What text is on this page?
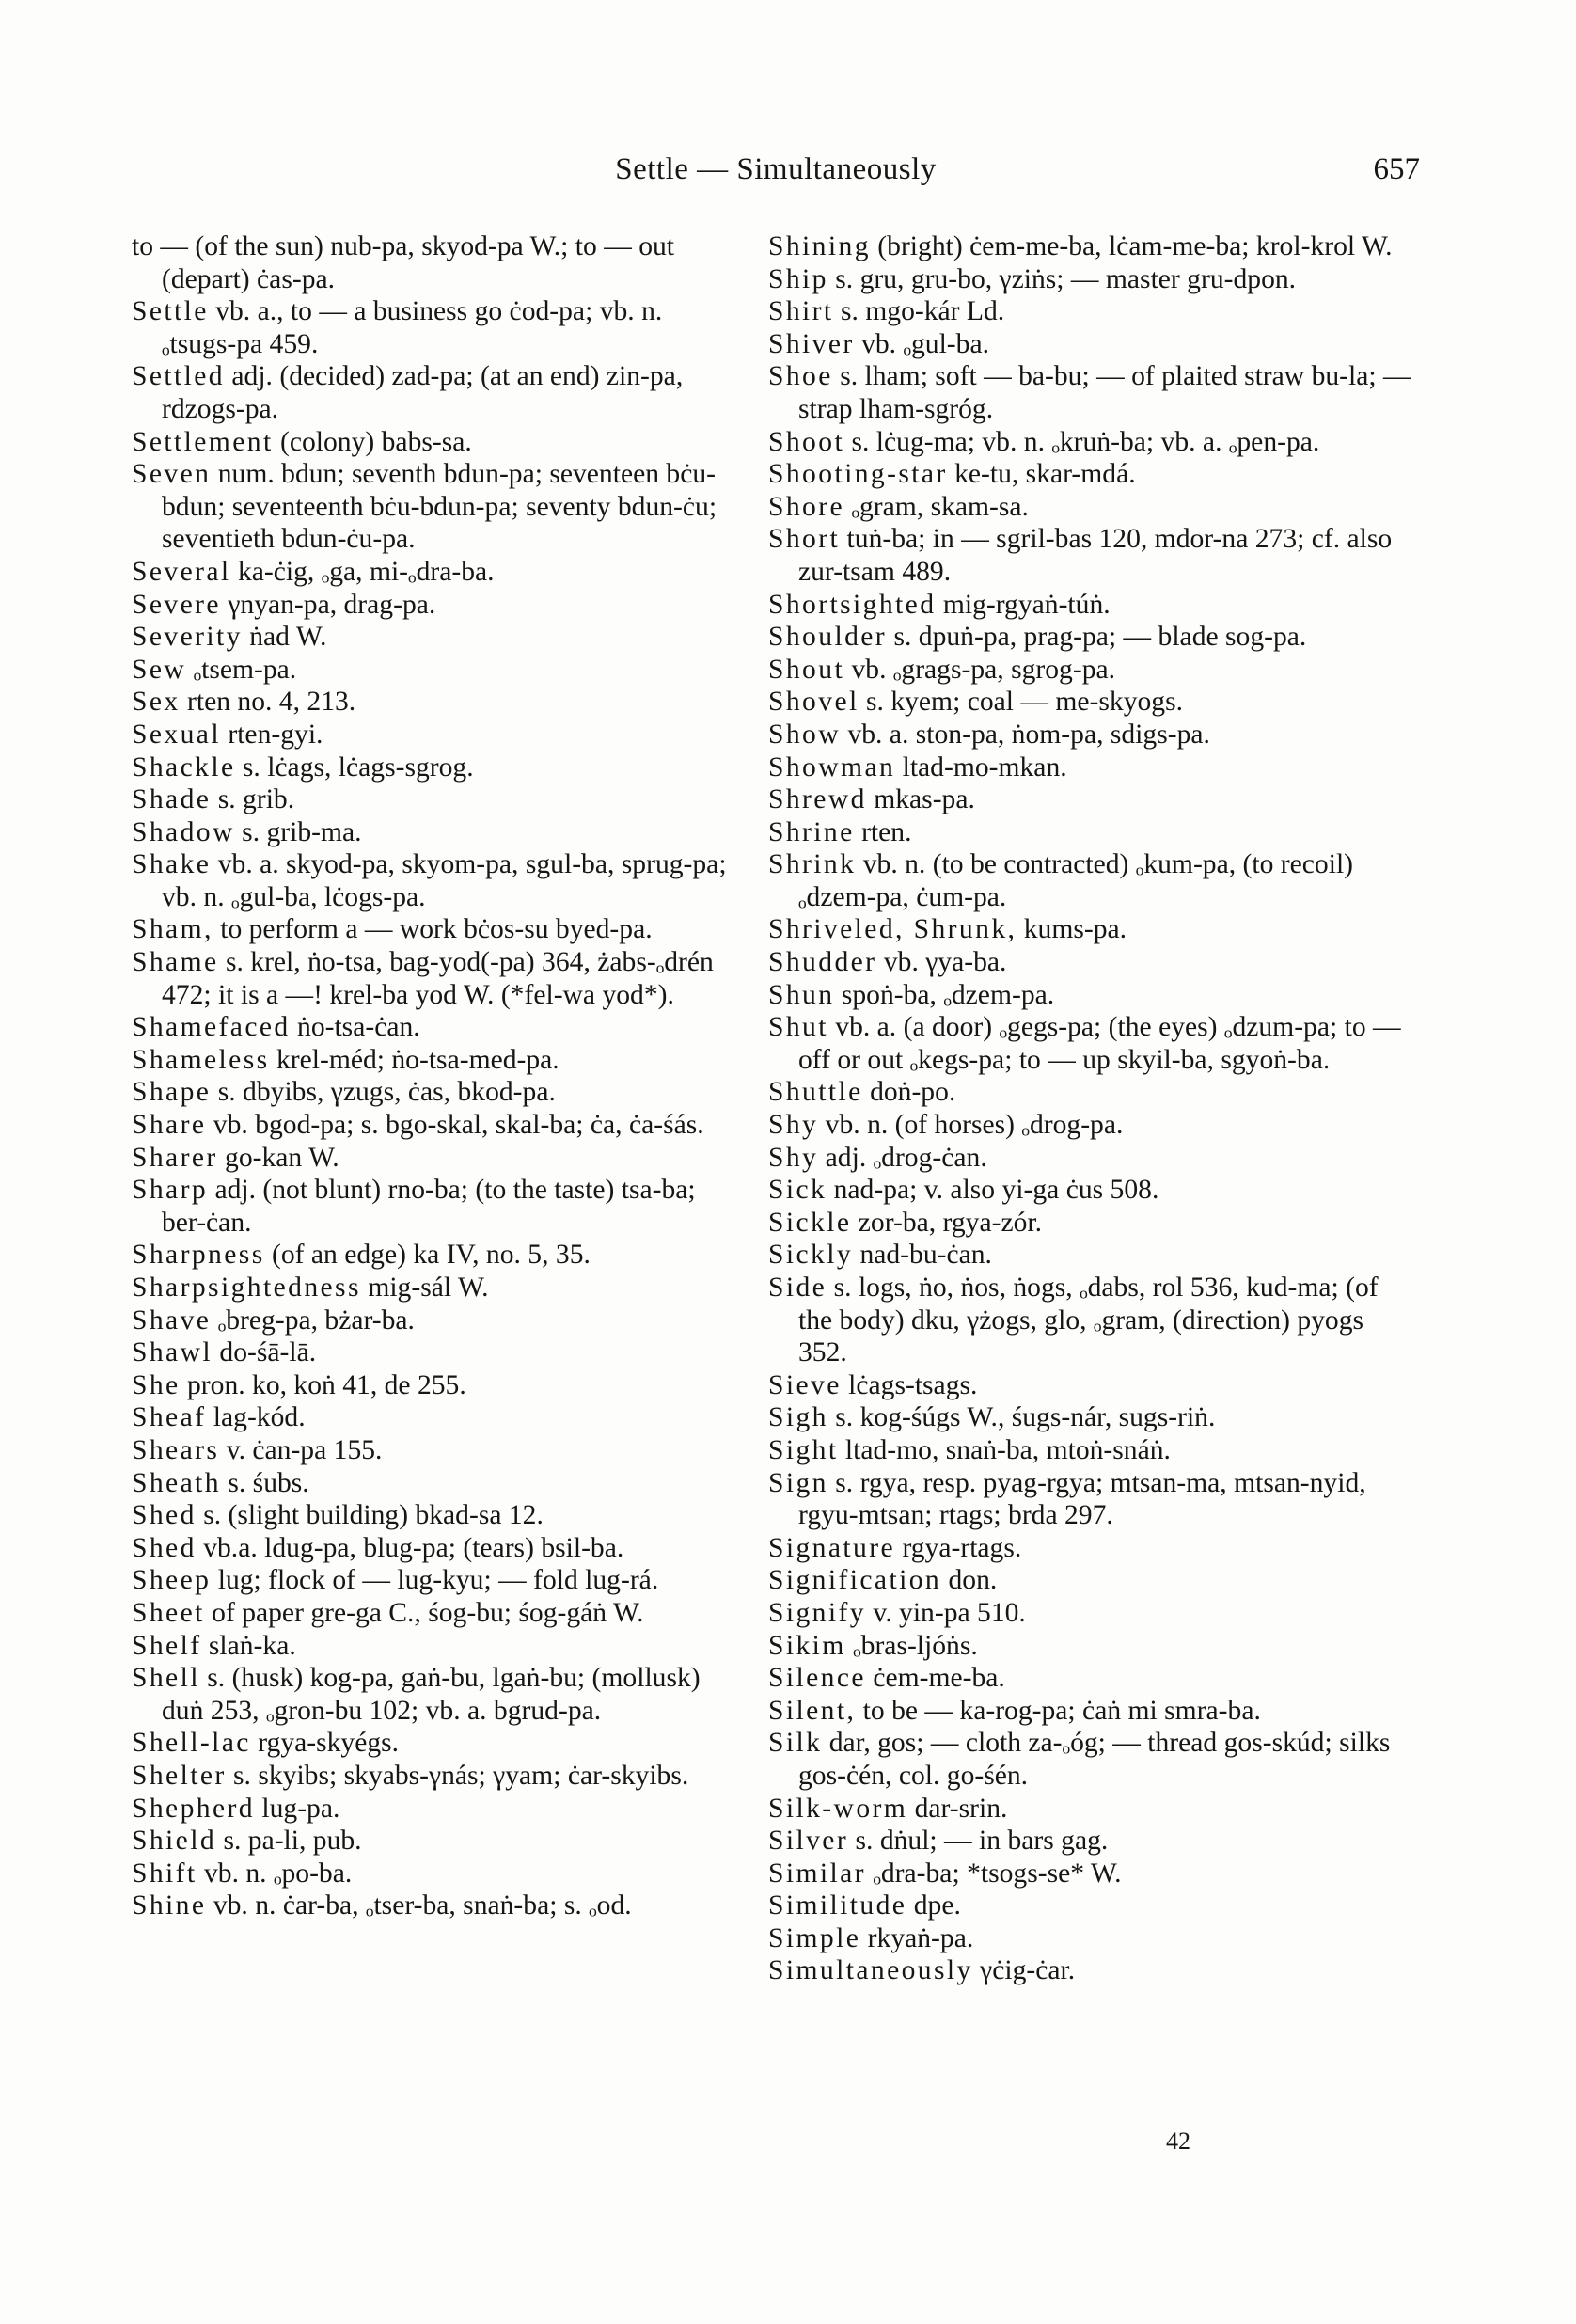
Settle — Simultaneously	657

to — (of the sun) nub-pa, skyod-pa W.; to — out (depart) ċas-pa.

Settle vb. a., to — a business go ċod-pa; vb. n. ₒtsugs-pa 459.

Settled adj. (decided) zad-pa; (at an end) zin-pa, rdzogs-pa.

Settlement (colony) babs-sa.

Seven num. bdun; seventh bdun-pa; seventeen bċu-bdun; seventeenth bċu-bdun-pa; seventy bdun-ċu; seventieth bdun-ċu-pa.

Several ka-ċig, ₒga, mi-ₒdra-ba.

Severe γnyan-pa, drag-pa.

Severity ṅad W.

Sew ₒtsem-pa.

Sex rten no. 4, 213.

Sexual rten-gyi.

Shackle s. lċags, lċags-sgrog.

Shade s. grib.

Shadow s. grib-ma.

Shake vb. a. skyod-pa, skyom-pa, sgul-ba, sprug-pa; vb. n. ₒgul-ba, lċogs-pa.

Sham, to perform a — work bċos-su byed-pa.

Shame s. krel, ṅo-tsa, bag-yod(-pa) 364, żabs-ₒdrén 472; it is a —! krel-ba yod W. (*fel-wa yod*).

Shamefaced ṅo-tsa-ċan.

Shameless krel-méd; ṅo-tsa-med-pa.

Shape s. dbyibs, γzugs, ċas, bkod-pa.

Share vb. bgod-pa; s. bgo-skal, skal-ba; ċa, ċa-śás.

Sharer go-kan W.

Sharp adj. (not blunt) rno-ba; (to the taste) tsa-ba; ber-ċan.

Sharpness (of an edge) ka IV, no. 5, 35.

Sharpsightedness mig-sál W.

Shave ₒbreg-pa, bżar-ba.

Shawl do-śā-lā.

She pron. ko, koṅ 41, de 255.

Sheaf lag-kód.

Shears v. ċan-pa 155.

Sheath s. śubs.

Shed s. (slight building) bkad-sa 12.

Shed vb.a. ldug-pa, blug-pa; (tears) bsil-ba.

Sheep lug; flock of — lug-kyu; — fold lug-rá.

Sheet of paper gre-ga C., śog-bu; śog-gáṅ W.

Shelf slaṅ-ka.

Shell s. (husk) kog-pa, gaṅ-bu, lgaṅ-bu; (mollusk) duṅ 253, ₒgron-bu 102; vb. a. bgrud-pa.

Shell-lac rgya-skyégs.

Shelter s. skyibs; skyabs-γnás; γyam; ċar-skyibs.

Shepherd lug-pa.

Shield s. pa-li, pub.

Shift vb. n. ₒpo-ba.

Shine vb. n. ċar-ba, ₒtser-ba, snaṅ-ba; s. ₒod.

Shining (bright) ċem-me-ba, lċam-me-ba; krol-krol W.

Ship s. gru, gru-bo, γziṅs; — master gru-dpon.

Shirt s. mgo-kár Ld.

Shiver vb. ₒgul-ba.

Shoe s. lham; soft — ba-bu; — of plaited straw bu-la; — strap lham-sgróg.

Shoot s. lċug-ma; vb. n. ₒkruṅ-ba; vb. a. ₒpen-pa.

Shooting-star ke-tu, skar-mdá.

Shore ₒgram, skam-sa.

Short tuṅ-ba; in — sgril-bas 120, mdor-na 273; cf. also zur-tsam 489.

Shortsighted mig-rgyaṅ-túṅ.

Shoulder s. dpuṅ-pa, prag-pa; — blade sog-pa.

Shout vb. ₒgrags-pa, sgrog-pa.

Shovel s. kyem; coal — me-skyogs.

Show vb. a. ston-pa, ṅom-pa, sdigs-pa.

Showman ltad-mo-mkan.

Shrewd mkas-pa.

Shrine rten.

Shrink vb. n. (to be contracted) ₒkum-pa, (to recoil) ₒdzem-pa, ċum-pa.

Shriveled, Shrunk, kums-pa.

Shudder vb. γya-ba.

Shun spoṅ-ba, ₒdzem-pa.

Shut vb. a. (a door) ₒgegs-pa; (the eyes) ₒdzum-pa; to — off or out ₒkegs-pa; to — up skyil-ba, sgyoṅ-ba.

Shuttle doṅ-po.

Shy vb. n. (of horses) ₒdrog-pa.

Shy adj. ₒdrog-ċan.

Sick nad-pa; v. also yi-ga ċus 508.

Sickle zor-ba, rgya-zór.

Sickly nad-bu-ċan.

Side s. logs, ṅo, ṅos, ṅogs, ₒdabs, rol 536, kud-ma; (of the body) dku, γżogs, glo, ₒgram, (direction) pyogs 352.

Sieve lċags-tsags.

Sigh s. kog-śúgs W., śugs-nár, sugs-riṅ.

Sight ltad-mo, snaṅ-ba, mtoṅ-snáṅ.

Sign s. rgya, resp. pyag-rgya; mtsan-ma, mtsan-nyid, rgyu-mtsan; rtags; brda 297.

Signature rgya-rtags.

Signification don.

Signify v. yin-pa 510.

Sikim ₒbras-ljóṅs.

Silence ċem-me-ba.

Silent, to be — ka-rog-pa; ċaṅ mi smra-ba.

Silk dar, gos; — cloth za-ₒóg; — thread gos-skúd; silks gos-ċén, col. go-śén.

Silk-worm dar-srin.

Silver s. dṅul; — in bars gag.

Similar ₒdra-ba; *tsogs-se* W.

Similitude dpe.

Simple rkyaṅ-pa.

Simultaneously γċig-ċar.

42
